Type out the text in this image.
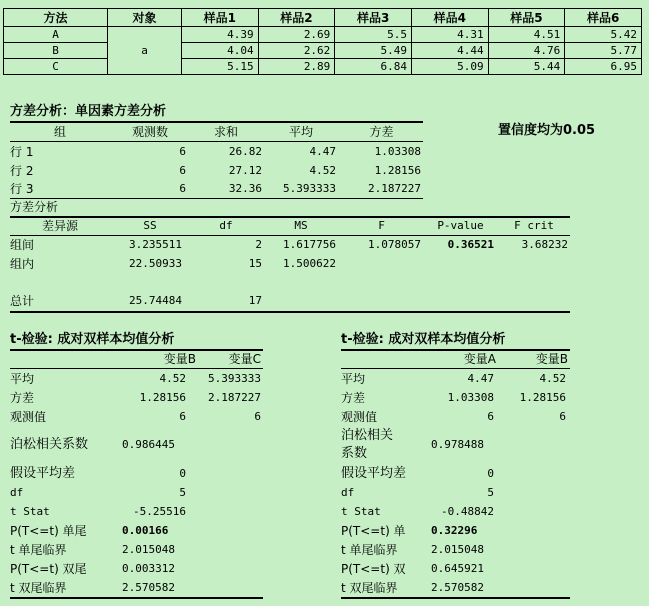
方法	对象	样品1	样品2	样品3	样品4	样品5	样品6
A	a	4.39	2.69	5.5	4.31	4.51	5.42
B		4.04	2.62	5.49	4.44	4.76	5.77
C		5.15	2.89	6.84	5.09	5.44	6.95
方差分析：单因素方差分析
置信度均为0.05
组	观测数	求和	平均	方差
行 1	6	26.82	4.47	1.03308
行 2	6	27.12	4.52	1.28156
行 3	6	32.36	5.393333	2.187227
方差分析
差异源	SS	df	MS	F	P-value	F crit
组间	3.235511	2	1.617756	1.078057	0.36521	3.68232
组内	22.50933	15	1.500622
总计	25.74484	17
t-检验: 成对双样本均值分析
变量B	变量C
平均	4.52	5.393333
方差	1.28156	2.187227
观测值	6	6
泊松相关系数	0.986445
假设平均差	0
df	5
t Stat	-5.25516
P(T<=t) 单尾	0.00166
t 单尾临界	2.015048
P(T<=t) 双尾	0.003312
t 双尾临界	2.570582
t-检验: 成对双样本均值分析
变量A	变量B
平均	4.47	4.52
方差	1.03308	1.28156
观测值	6	6
泊松相关
系数
0.978488
假设平均差	0
df	5
t Stat	-0.48842
P(T<=t) 单 0.32296
t 单尾临界	2.015048
P(T<=t) 双 0.645921
t 双尾临界	2.570582
